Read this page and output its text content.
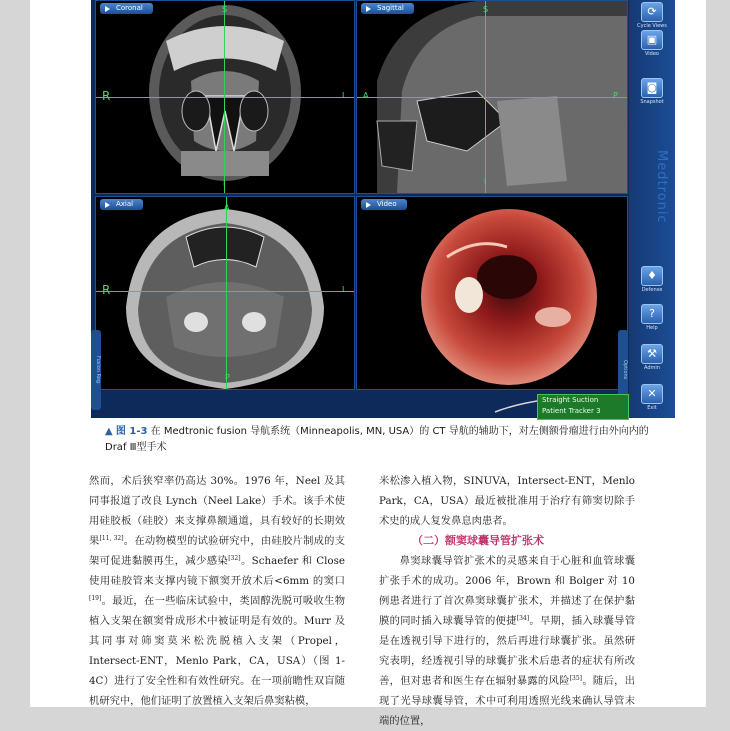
Coronal	S
R	L
I
Sagittal	S
A	P
I
Axial	A
R	L
P
Video
Fusion Reg.	Options
⟳
Cycle Views
▣
Video
◙
Snapshot
♦
Defense
?
Help
⚒
Admin
✕
Exit
Medtronic
Straight Suction
Patient Tracker 3
▲ 图 1-3 在 Medtronic fusion 导航系统（Minneapolis, MN, USA）的 CT 导航的辅助下，对左侧额骨瘤进行由外向内的 Draf Ⅲ型手术

然而，术后狭窄率仍高达 30%。1976 年，Neel 及其同事报道了改良 Lynch（Neel Lake）手术。该手术使用硅胶板（硅胶）来支撑鼻额通道，具有较好的长期效果[11, 32]。在动物模型的试验研究中，由硅胶片制成的支架可促进黏膜再生，减少感染[32]。Schaefer 和 Close 使用硅胶管来支撑内镜下额窦开放术后<6mm 的窦口[19]。最近，在一些临床试验中，类固醇洗脱可吸收生物植入支架在额窦骨成形术中被证明是有效的。Murr 及其同事对筛窦莫米松洗脱植入支架（Propel，Intersect-ENT，Menlo Park，CA，USA）（图 1-4C）进行了安全性和有效性研究。在一项前瞻性双盲随机研究中，他们证明了放置植入支架后鼻窦粘模，

米松渗入植入物，SINUVA，Intersect-ENT，Menlo Park，CA，USA）最近被批准用于治疗有筛窦切除手术史的成人复发鼻息肉患者。

（二）额窦球囊导管扩张术

鼻窦球囊导管扩张术的灵感来自于心脏和血管球囊扩张手术的成功。2006 年，Brown 和 Bolger 对 10 例患者进行了首次鼻窦球囊扩张术，并描述了在保护黏膜的同时插入球囊导管的便捷[34]。早期，插入球囊导管是在透视引导下进行的，然后再进行球囊扩张。虽然研究表明，经透视引导的球囊扩张术后患者的症状有所改善，但对患者和医生存在辐射暴露的风险[35]。随后，出现了光导球囊导管，术中可利用透照光线来确认导管末端的位置，
